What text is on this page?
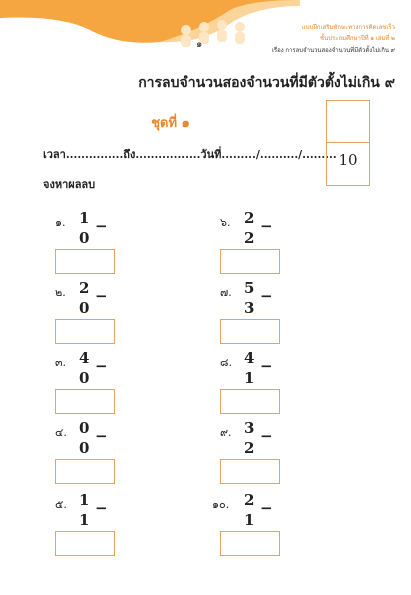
๑
แบบฝึกเสริมทักษะทางการคิดเลขเร็ว
ชั้นประถมศึกษาปีที่ ๑ เล่มที่ ๒
เรื่อง การลบจำนวนสองจำนวนที่มีตัวตั้งไม่เกิน ๙
การลบจำนวนสองจำนวนที่มีตัวตั้งไม่เกิน ๙
ชุดที่ ๑
เวลา...............ถึง.................วันที่........./........../......... 10
จงหาผลลบ
๑. 1
0
−	๖. 2
2
−
๒. 2
0
−	๗. 5
3
−
๓. 4
0
−	๘. 4
1
−
๔. 0
0
−	๙. 3
2
−
๕. 1
1
−	๑๐. 2
1
−
